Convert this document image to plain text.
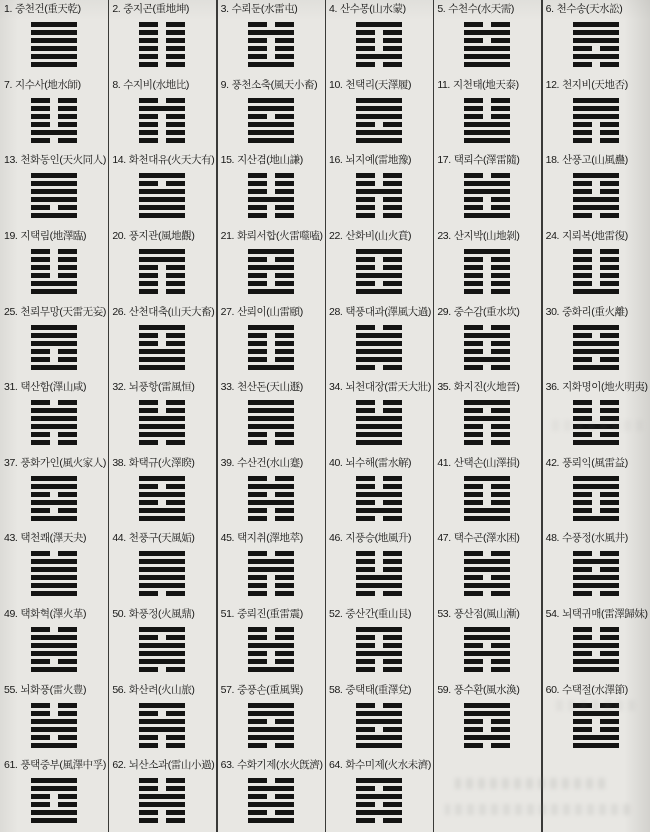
1. 중천건(重天乾)	2. 중지곤(重地坤)	3. 수뢰둔(水雷屯)	4. 산수몽(山水蒙)	5. 수천수(水天需)	6. 천수송(天水訟)
7. 지수사(地水師)	8. 수지비(水地比)	9. 풍천소축(風天小畜) 10. 천택리(天澤履) 11. 지천태(地天泰)	12. 천지비(天地否)
13. 천화동인(天火同人) 14. 화천대유(火天大有) 15. 지산겸(地山謙) 16. 뇌지예(雷地豫) 17. 택뢰수(澤雷隨) 18. 산풍고(山風蠱)
19. 지택림(地澤臨) 20. 풍지관(風地觀) 21. 화뢰서합(火雷噬嗑) 22. 산화비(山火賁) 23. 산지박(山地剝) 24. 지뢰복(地雷復)
25. 천뢰무망(天雷无妄) 26. 산천대축(山天大畜) 27. 산뢰이(山雷頤) 28. 택풍대과(澤風大過) 29. 중수감(重水坎) 30. 중화리(重火離)
31. 택산함(澤山咸) 32. 뇌풍항(雷風恒) 33. 천산돈(天山遯) 34. 뇌천대장(雷天大壯) 35. 화지진(火地晉) 36. 지화명이(地火明夷)
37. 풍화가인(風火家人) 38. 화택규(火澤睽) 39. 수산건(水山蹇) 40. 뇌수해(雷水解) 41. 산택손(山澤損) 42. 풍뢰익(風雷益)
43. 택천쾌(澤天夬) 44. 천풍구(天風姤) 45. 택지취(澤地萃) 46. 지풍승(地風升) 47. 택수곤(澤水困) 48. 수풍정(水風井)
49. 택화혁(澤火革) 50. 화풍정(火風鼎) 51. 중뢰진(重雷震) 52. 중산간(重山艮) 53. 풍산점(風山漸) 54. 뇌택귀매(雷澤歸妹)
55. 뇌화풍(雷火豊) 56. 화산려(火山旅) 57. 중풍손(重風巽) 58. 중택태(重澤兌) 59. 풍수환(風水渙) 60. 수택절(水澤節)
61. 풍택중부(風澤中孚) 62. 뇌산소과(雷山小過) 63. 수화기제(水火旣濟) 64. 화수미제(火水未濟)
